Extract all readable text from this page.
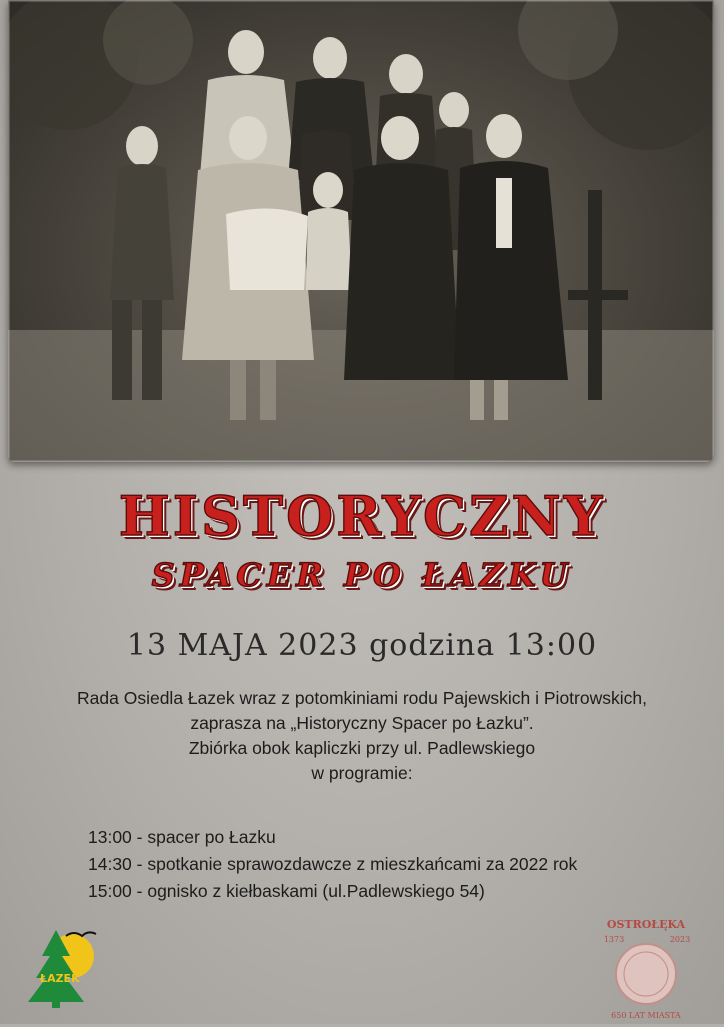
HISTORYCZNY
SPACER PO ŁAZKU
13 MAJA 2023 godzina 13:00
Rada Osiedla Łazek wraz z potomkiniami rodu Pajewskich i Piotrowskich,
zaprasza na „Historyczny Spacer po Łazku”.
Zbiórka obok kapliczki przy ul. Padlewskiego
w programie:
13:00 - spacer po Łazku
14:30 - spotkanie sprawozdawcze z mieszkańcami za 2022 rok
15:00 - ognisko z kiełbaskami (ul.Padlewskiego 54)
ŁAZEK
OSTROŁĘKA
1373	2023
650 LAT MIASTA
